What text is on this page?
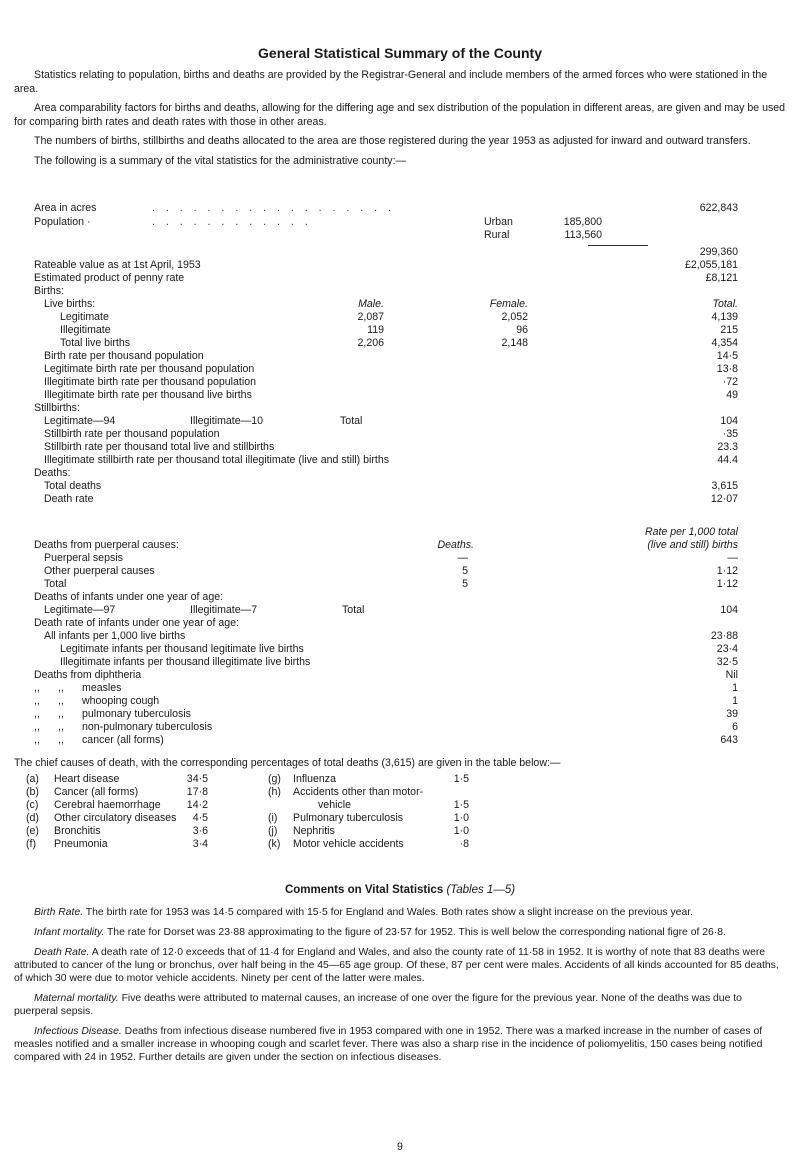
General Statistical Summary of the County

Statistics relating to population, births and deaths are provided by the Registrar-General and include members of the armed forces who were stationed in the area.

Area comparability factors for births and deaths, allowing for the differing age and sex distribution of the population in different areas, are given and may be used for comparing birth rates and death rates with those in other areas.

The numbers of births, stillbirths and deaths allocated to the area are those registered during the year 1953 as adjusted for inward and outward transfers.

The following is a summary of the vital statistics for the administrative county:—

Area in acres	. . . . . . . . . . . . . . . . . .	622,843
Population ·	. . . . . . . . . . . .	Urban	185,800
Rural	113,560
299,360
Rateable value as at 1st April, 1953	£2,055,181
Estimated product of penny rate	£8,121
Births:
Live births:	Male.	Female.	Total.
Legitimate	2,087	2,052	4,139
Illegitimate	119	96	215
Total live births	2,206	2,148	4,354
Birth rate per thousand population	14·5
Legitimate birth rate per thousand population	13·8
Illegitimate birth rate per thousand population	·72
Illegitimate birth rate per thousand live births	49
Stillbirths:
Legitimate—94	Illegitimate—10	Total	104
Stillbirth rate per thousand population	·35
Stillbirth rate per thousand total live and stillbirths	23.3
Illegitimate stillbirth rate per thousand total illegitimate (live and still) births	44.4
Deaths:
Total deaths	3,615
Death rate	12·07
Rate per 1,000 total
(live and still) births
Deaths from puerperal causes:	Deaths.
Puerperal sepsis	—	—
Other puerperal causes	5	1·12
Total	5	1·12
Deaths of infants under one year of age:
Legitimate—97	Illegitimate—7	Total	104
Death rate of infants under one year of age:
All infants per 1,000 live births	23·88
Legitimate infants per thousand legitimate live births	23·4
Illegitimate infants per thousand illegitimate live births	32·5
Deaths from diphtheria	Nil
,, ,, measles	1
,, ,, whooping cough	1
,, ,, pulmonary tuberculosis	39
,, ,, non-pulmonary tuberculosis	6
,, ,, cancer (all forms)	643
The chief causes of death, with the corresponding percentages of total deaths (3,615) are given in the table below:—
(a) Heart disease	34·5
(b) Cancer (all forms)	17·8
(c) Cerebral haemorrhage 14·2
(d) Other circulatory diseases 4·5
(e) Bronchitis	3·6
(f) Pneumonia	3·4
(g) Influenza	1·5
(h) Accidents other than motor-
vehicle	1·5
(i) Pulmonary tuberculosis	1·0
(j) Nephritis	1·0
(k) Motor vehicle accidents	·8
Comments on Vital Statistics (Tables 1—5)

Birth Rate. The birth rate for 1953 was 14·5 compared with 15·5 for England and Wales. Both rates show a slight increase on the previous year.

Infant mortality. The rate for Dorset was 23·88 approximating to the figure of 23·57 for 1952. This is well below the corresponding national figre of 26·8.

Death Rate. A death rate of 12·0 exceeds that of 11·4 for England and Wales, and also the county rate of 11·58 in 1952. It is worthy of note that 83 deaths were attributed to cancer of the lung or bronchus, over half being in the 45—65 age group. Of these, 87 per cent were males. Accidents of all kinds accounted for 85 deaths, of which 30 were due to motor vehicle accidents. Ninety per cent of the latter were males.

Maternal mortality. Five deaths were attributed to maternal causes, an increase of one over the figure for the previous year. None of the deaths was due to puerperal sepsis.

Infectious Disease. Deaths from infectious disease numbered five in 1953 compared with one in 1952. There was a marked increase in the number of cases of measles notified and a smaller increase in whooping cough and scarlet fever. There was also a sharp rise in the incidence of poliomyelitis, 150 cases being notified compared with 24 in 1952. Further details are given under the section on infectious diseases.

9
